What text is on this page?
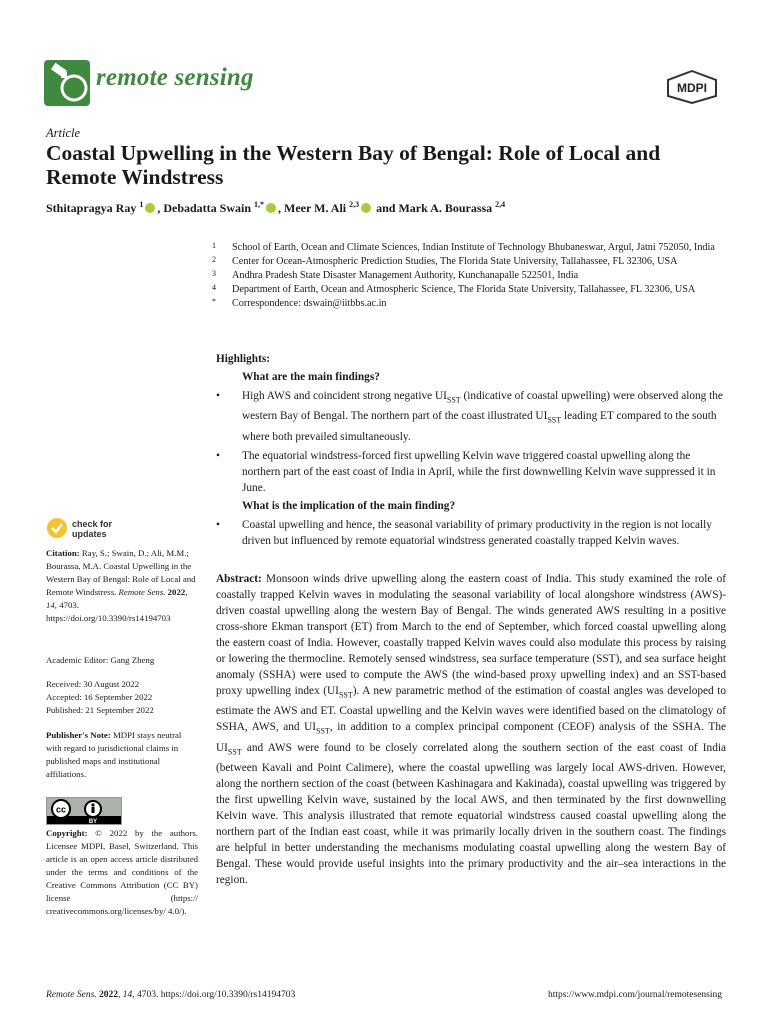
remote sensing	MDPI
Article
Coastal Upwelling in the Western Bay of Bengal: Role of Local and Remote Windstress
Sthitapragya Ray $^1$ , Debadatta Swain $^{1,*}$ , Meer M. Ali $^{2,3}$ and Mark A. Bourassa $^{2,4}$
1 School of Earth, Ocean and Climate Sciences, Indian Institute of Technology Bhubaneswar, Argul, Jatni 752050, India
2 Center for Ocean-Atmospheric Prediction Studies, The Florida State University, Tallahassee, FL 32306, USA
3 Andhra Pradesh State Disaster Management Authority, Kunchanapalle 522501, India
4 Department of Earth, Ocean and Atmospheric Science, The Florida State University, Tallahassee, FL 32306, USA
* Correspondence: dswain@iitbbs.ac.in
Highlights:
What are the main findings?
• High AWS and coincident strong negative $UI_{SST}$ (indicative of coastal upwelling) were observed along the western Bay of Bengal. The northern part of the coast illustrated $UI_{SST}$ leading ET compared to the south where both prevailed simultaneously.
• The equatorial windstress-forced first upwelling Kelvin wave triggered coastal upwelling along the northern part of the east coast of India in April, while the first downwelling Kelvin wave suppressed it in June.
What is the implication of the main finding?
• Coastal upwelling and hence, the seasonal variability of primary productivity in the region is not locally driven but influenced by remote equatorial windstress generated coastally trapped Kelvin waves.
Abstract: Monsoon winds drive upwelling along the eastern coast of India. This study examined the role of coastally trapped Kelvin waves in modulating the seasonal variability of local alongshore windstress (AWS)-driven coastal upwelling along the western Bay of Bengal. The winds generated AWS resulting in a positive cross-shore Ekman transport (ET) from March to the end of September, which forced coastal upwelling along the eastern coast of India. However, coastally trapped Kelvin waves could also modulate this process by raising or lowering the thermocline. Remotely sensed windstress, sea surface temperature (SST), and sea surface height anomaly (SSHA) were used to compute the AWS (the wind-based proxy upwelling index) and an SST-based proxy upwelling index $(UI_{SST})$. A new parametric method of the estimation of coastal angles was developed to estimate the AWS and ET. Coastal upwelling and the Kelvin waves were identified based on the climatology of SSHA, AWS, and $UI_{SST}$, in addition to a complex principal component (CEOF) analysis of the SSHA. The $UI_{SST}$ and AWS were found to be closely correlated along the southern section of the east coast of India (between Kavali and Point Calimere), where the coastal upwelling was largely local AWS-driven. However, along the northern section of the coast (between Kashinagara and Kakinada), coastal upwelling was triggered by the first upwelling Kelvin wave, sustained by the local AWS, and then terminated by the first downwelling Kelvin wave. This analysis illustrated that remote equatorial windstress caused coastal upwelling along the northern part of the Indian east coast, while it was primarily locally driven in the southern coast. The findings are helpful in better understanding the mechanisms modulating coastal upwelling along the western Bay of Bengal. These would provide useful insights into the primary productivity and the air–sea interactions in the region.
check for
updates
Citation: Ray, S.; Swain, D.; Ali, M.M.; Bourassa, M.A. Coastal Upwelling in the Western Bay of Bengal: Role of Local and Remote Windstress. Remote Sens. 2022, 14, 4703. https://doi.org/10.3390/rs14194703
Academic Editor: Gang Zheng
Received: 30 August 2022
Accepted: 16 September 2022
Published: 21 September 2022
Publisher's Note: MDPI stays neutral with regard to jurisdictional claims in published maps and institutional affiliations.
cc
BY
Copyright: © 2022 by the authors. Licensee MDPI, Basel, Switzerland. This article is an open access article distributed under the terms and conditions of the Creative Commons Attribution (CC BY) license (https:// creativecommons.org/licenses/by/ 4.0/).
Remote Sens. 2022, 14, 4703. https://doi.org/10.3390/rs14194703	https://www.mdpi.com/journal/remotesensing
